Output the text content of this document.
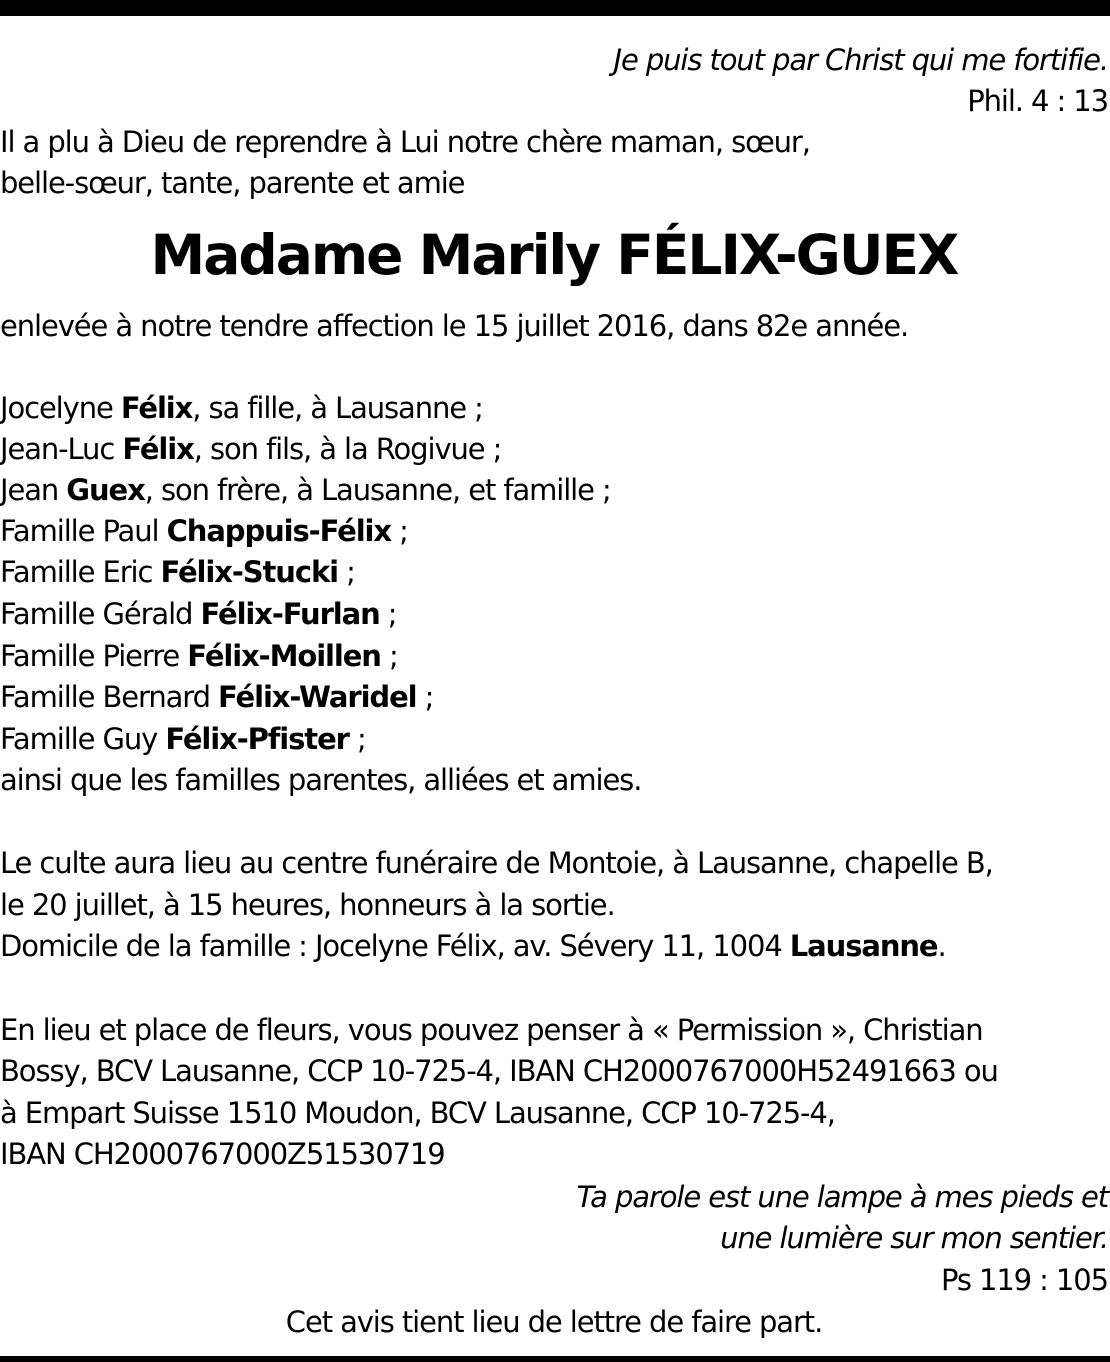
Je puis tout par Christ qui me fortifie.

Phil. 4 : 13

Il a plu à Dieu de reprendre à Lui notre chère maman, sœur,

belle-sœur, tante, parente et amie

Madame Marily FÉLIX-GUEX

enlevée à notre tendre affection le 15 juillet 2016, dans 82e année.

Jocelyne Félix, sa fille, à Lausanne ;

Jean-Luc Félix, son fils, à la Rogivue ;

Jean Guex, son frère, à Lausanne, et famille ;

Famille Paul Chappuis-Félix ;

Famille Eric Félix-Stucki ;

Famille Gérald Félix-Furlan ;

Famille Pierre Félix-Moillen ;

Famille Bernard Félix-Waridel ;

Famille Guy Félix-Pfister ;

ainsi que les familles parentes, alliées et amies.

Le culte aura lieu au centre funéraire de Montoie, à Lausanne, chapelle B,

le 20 juillet, à 15 heures, honneurs à la sortie.

Domicile de la famille : Jocelyne Félix, av. Sévery 11, 1004 Lausanne.

En lieu et place de fleurs, vous pouvez penser à « Permission », Christian

Bossy, BCV Lausanne, CCP 10-725-4, IBAN CH2000767000H52491663 ou

à Empart Suisse 1510 Moudon, BCV Lausanne, CCP 10-725-4,

IBAN CH2000767000Z51530719

Ta parole est une lampe à mes pieds et

une lumière sur mon sentier.

Ps 119 : 105

Cet avis tient lieu de lettre de faire part.
